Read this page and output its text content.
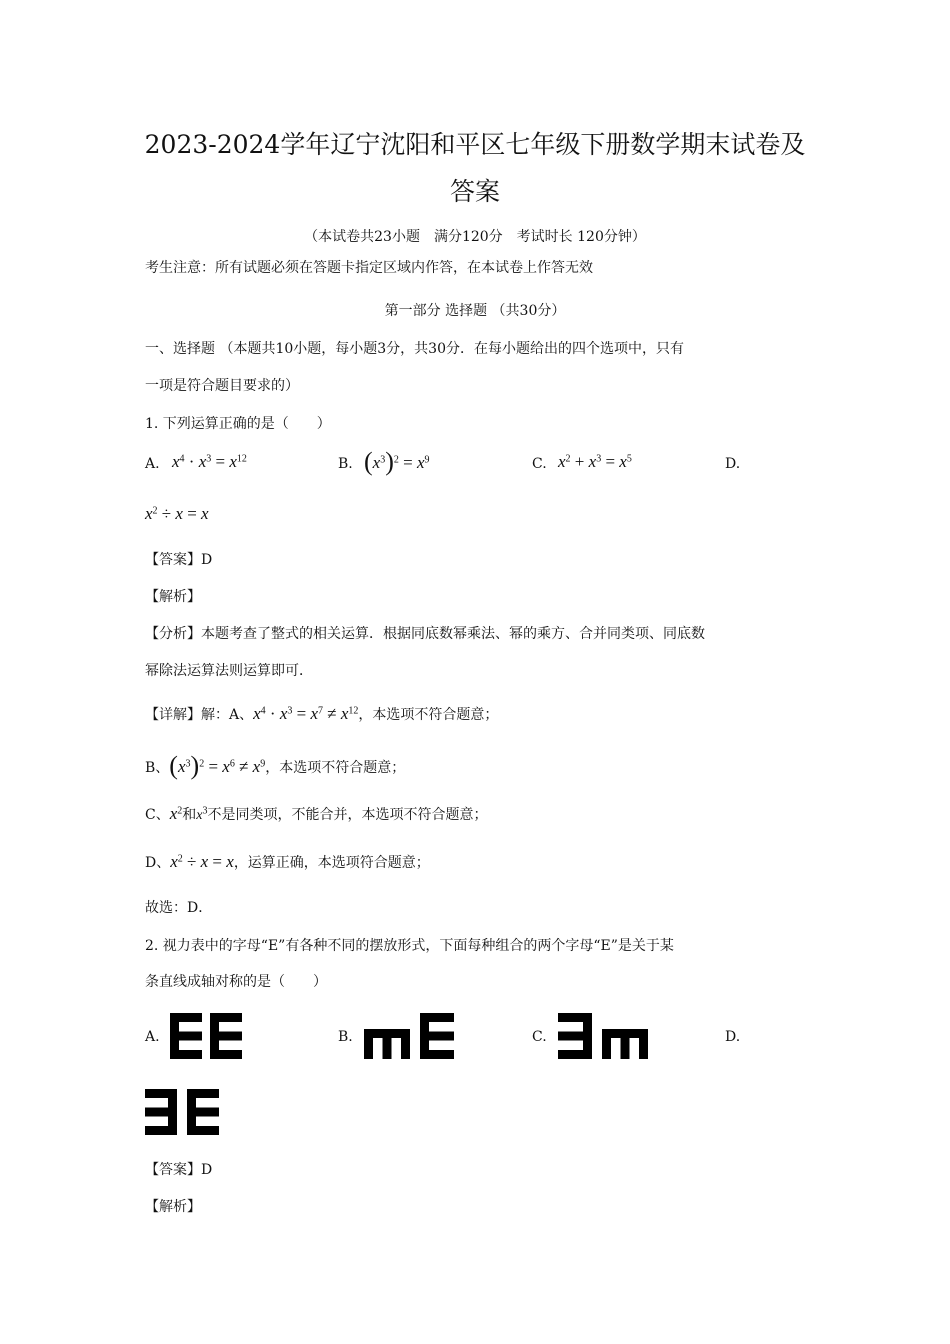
2023-2024学年辽宁沈阳和平区七年级下册数学期末试卷及
答案
（本试卷共23小题　满分120分　考试时长 120分钟）
考生注意：所有试题必须在答题卡指定区域内作答，在本试卷上作答无效
第一部分 选择题 （共30分）
一、选择题 （本题共10小题，每小题3分，共30分．在每小题给出的四个选项中，只有
一项是符合题目要求的）
1. 下列运算正确的是（　　）
A. $x^4 \cdot x^3 = x^{12}$	B. $(x^3)^2 = x^9$	C. $x^2 + x^3 = x^5$	D.
$x^2 \div x = x$
【答案】D
【解析】
【分析】本题考查了整式的相关运算．根据同底数幂乘法、幂的乘方、合并同类项、同底数
幂除法运算法则运算即可．
【详解】解：A、$x^4 \cdot x^3 = x^7 \ne x^{12}$，本选项不符合题意；
B、$(x^3)^2 = x^6 \ne x^9$，本选项不符合题意；
C、$x^2$和$x^3$不是同类项，不能合并，本选项不符合题意；
D、$x^2 \div x = x$，运算正确，本选项符合题意；
故选：D．
2. 视力表中的字母“E”有各种不同的摆放形式，下面每种组合的两个字母“E”是关于某
条直线成轴对称的是（　　）
A.	B.	C.	D.
【答案】D
【解析】
